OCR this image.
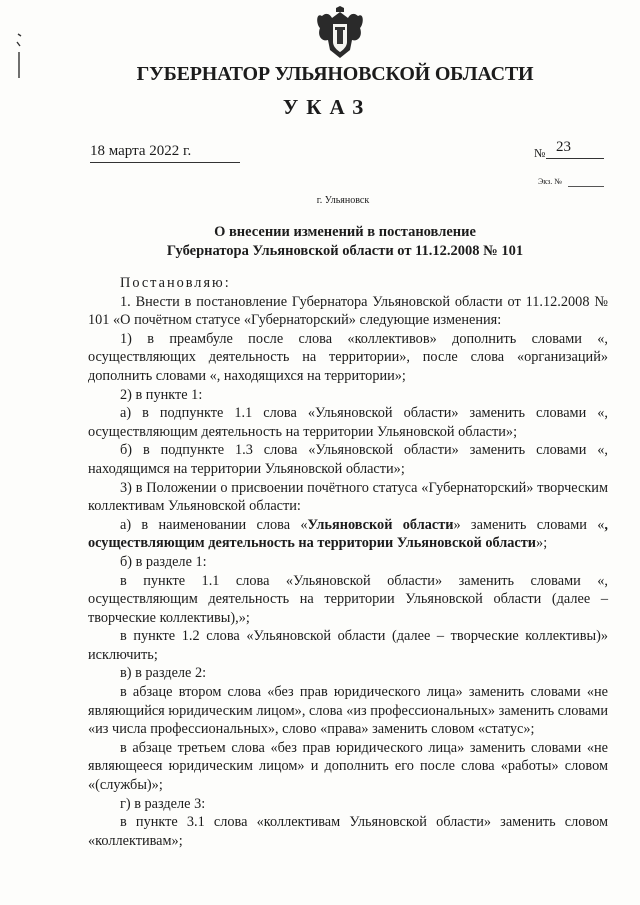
ГУБЕРНАТОР УЛЬЯНОВСКОЙ ОБЛАСТИ
УКАЗ
18 марта 2022 г.	№ 23
Экз. №
г. Ульяновск
О внесении изменений в постановление
Губернатора Ульяновской области от 11.12.2008 № 101

Постановляю:

1. Внести в постановление Губернатора Ульяновской области от 11.12.2008 № 101 «О почётном статусе «Губернаторский» следующие изменения:

1) в преамбуле после слова «коллективов» дополнить словами «, осуществляющих деятельность на территории», после слова «организаций» дополнить словами «, находящихся на территории»;

2) в пункте 1:

а) в подпункте 1.1 слова «Ульяновской области» заменить словами «, осуществляющим деятельность на территории Ульяновской области»;

б) в подпункте 1.3 слова «Ульяновской области» заменить словами «, находящимся на территории Ульяновской области»;

3) в Положении о присвоении почётного статуса «Губернаторский» творческим коллективам Ульяновской области:

а) в наименовании слова «Ульяновской области» заменить словами «, осуществляющим деятельность на территории Ульяновской области»;

б) в разделе 1:

в пункте 1.1 слова «Ульяновской области» заменить словами «, осуществляющим деятельность на территории Ульяновской области (далее – творческие коллективы),»;

в пункте 1.2 слова «Ульяновской области (далее – творческие коллективы)» исключить;

в) в разделе 2:

в абзаце втором слова «без прав юридического лица» заменить словами «не являющийся юридическим лицом», слова «из профессиональных» заменить словами «из числа профессиональных», слово «права» заменить словом «статус»;

в абзаце третьем слова «без прав юридического лица» заменить словами «не являющееся юридическим лицом» и дополнить его после слова «работы» словом «(службы)»;

г) в разделе 3:

в пункте 3.1 слова «коллективам Ульяновской области» заменить словом «коллективам»;
